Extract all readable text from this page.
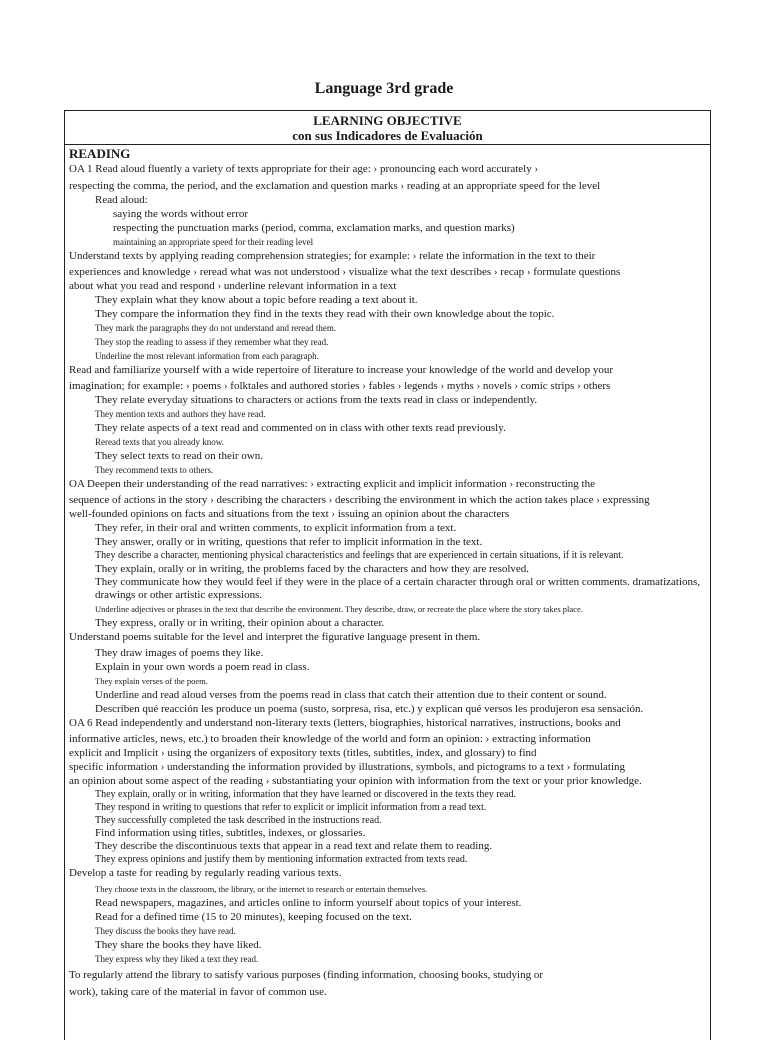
Language 3rd grade
LEARNING OBJECTIVE
con sus Indicadores de Evaluación
READING
OA 1 Read aloud fluently a variety of texts appropriate for their age: › pronouncing each word accurately ›
respecting the comma, the period, and the exclamation and question marks › reading at an appropriate speed for the level
Read aloud:
saying the words without error
respecting the punctuation marks (period, comma, exclamation marks, and question marks)
maintaining an appropriate speed for their reading level
Understand texts by applying reading comprehension strategies; for example: › relate the information in the text to their
experiences and knowledge › reread what was not understood › visualize what the text describes › recap › formulate questions
about what you read and respond › underline relevant information in a text
They explain what they know about a topic before reading a text about it.
They compare the information they find in the texts they read with their own knowledge about the topic.
They mark the paragraphs they do not understand and reread them.
They stop the reading to assess if they remember what they read.
Underline the most relevant information from each paragraph.
Read and familiarize yourself with a wide repertoire of literature to increase your knowledge of the world and develop your
imagination; for example: › poems › folktales and authored stories › fables › legends › myths › novels › comic strips › others
They relate everyday situations to characters or actions from the texts read in class or independently.
They mention texts and authors they have read.
They relate aspects of a text read and commented on in class with other texts read previously.
Reread texts that you already know.
They select texts to read on their own.
They recommend texts to others.
OA Deepen their understanding of the read narratives: › extracting explicit and implicit information › reconstructing the
sequence of actions in the story › describing the characters › describing the environment in which the action takes place › expressing
well-founded opinions on facts and situations from the text › issuing an opinion about the characters
They refer, in their oral and written comments, to explicit information from a text.
They answer, orally or in writing, questions that refer to implicit information in the text.
They describe a character, mentioning physical characteristics and feelings that are experienced in certain situations, if it is relevant.
They explain, orally or in writing, the problems faced by the characters and how they are resolved.
They communicate how they would feel if they were in the place of a certain character through oral or written comments. dramatizations, drawings or other artistic expressions.
Underline adjectives or phrases in the text that describe the environment. They describe, draw, or recreate the place where the story takes place.
They express, orally or in writing, their opinion about a character.
Understand poems suitable for the level and interpret the figurative language present in them.
They draw images of poems they like.
Explain in your own words a poem read in class.
They explain verses of the poem.
Underline and read aloud verses from the poems read in class that catch their attention due to their content or sound.
Describen qué reacción les produce un poema (susto, sorpresa, risa, etc.) y explican qué versos les produjeron esa sensación.
OA 6 Read independently and understand non-literary texts (letters, biographies, historical narratives, instructions, books and
informative articles, news, etc.) to broaden their knowledge of the world and form an opinion: › extracting information
explicit and Implicit › using the organizers of expository texts (titles, subtitles, index, and glossary) to find
specific information › understanding the information provided by illustrations, symbols, and pictograms to a text › formulating
an opinion about some aspect of the reading › substantiating your opinion with information from the text or your prior knowledge.
They explain, orally or in writing, information that they have learned or discovered in the texts they read.
They respond in writing to questions that refer to explicit or implicit information from a read text.
They successfully completed the task described in the instructions read.
Find information using titles, subtitles, indexes, or glossaries.
They describe the discontinuous texts that appear in a read text and relate them to reading.
They express opinions and justify them by mentioning information extracted from texts read.
Develop a taste for reading by regularly reading various texts.
They choose texts in the classroom, the library, or the internet to research or entertain themselves.
Read newspapers, magazines, and articles online to inform yourself about topics of your interest.
Read for a defined time (15 to 20 minutes), keeping focused on the text.
They discuss the books they have read.
They share the books they have liked.
They express why they liked a text they read.
To regularly attend the library to satisfy various purposes (finding information, choosing books, studying or
work), taking care of the material in favor of common use.
